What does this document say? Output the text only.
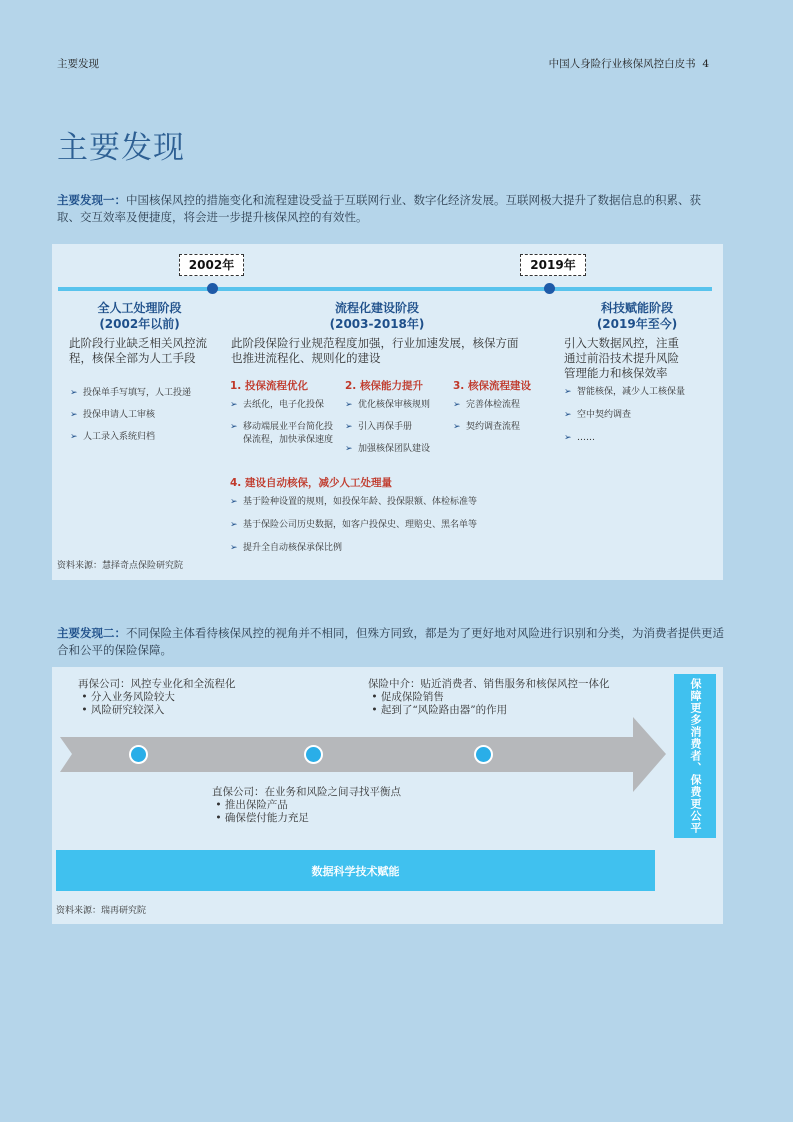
主要发现	中国人身险行业核保风控白皮书 4
主要发现
主要发现一：中国核保风控的措施变化和流程建设受益于互联网行业、数字化经济发展。互联网极大提升了数据信息的积累、获取、交互效率及便捷度，将会进一步提升核保风控的有效性。
2002年	2019年
全人工处理阶段
(2002年以前)
此阶段行业缺乏相关风控流程，核保全部为人工手段
➢ 投保单手写填写，人工投递
➢ 投保申请人工审核
➢ 人工录入系统归档
流程化建设阶段
(2003-2018年)
此阶段保险行业规范程度加强，行业加速发展，核保方面也推进流程化、规则化的建设
1. 投保流程优化
➢ 去纸化，电子化投保
➢ 移动端展业平台简化投保流程，加快承保速度
2. 核保能力提升
➢ 优化核保审核规则
➢ 引入再保手册
➢ 加强核保团队建设
3. 核保流程建设
➢ 完善体检流程
➢ 契约调查流程
4. 建设自动核保，减少人工处理量
➢ 基于险种设置的规则，如投保年龄、投保限额、体检标准等
➢ 基于保险公司历史数据，如客户投保史、理赔史、黑名单等
➢ 提升全自动核保承保比例
科技赋能阶段
(2019年至今)
引入大数据风控，注重通过前沿技术提升风险管理能力和核保效率
➢ 智能核保，减少人工核保量
➢ 空中契约调查
➢ ……
资料来源：慧择奇点保险研究院
主要发现二：不同保险主体看待核保风控的视角并不相同，但殊方同致，都是为了更好地对风险进行识别和分类，为消费者提供更适合和公平的保险保障。
再保公司：风控专业化和全流程化
• 分入业务风险较大
• 风险研究较深入
保险中介：贴近消费者、销售服务和核保风控一体化
• 促成保险销售
• 起到了“风险路由器”的作用
直保公司：在业务和风险之间寻找平衡点
• 推出保险产品
• 确保偿付能力充足	保障更多消费者、保费更公平
数据科学技术赋能
资料来源：瑞再研究院
